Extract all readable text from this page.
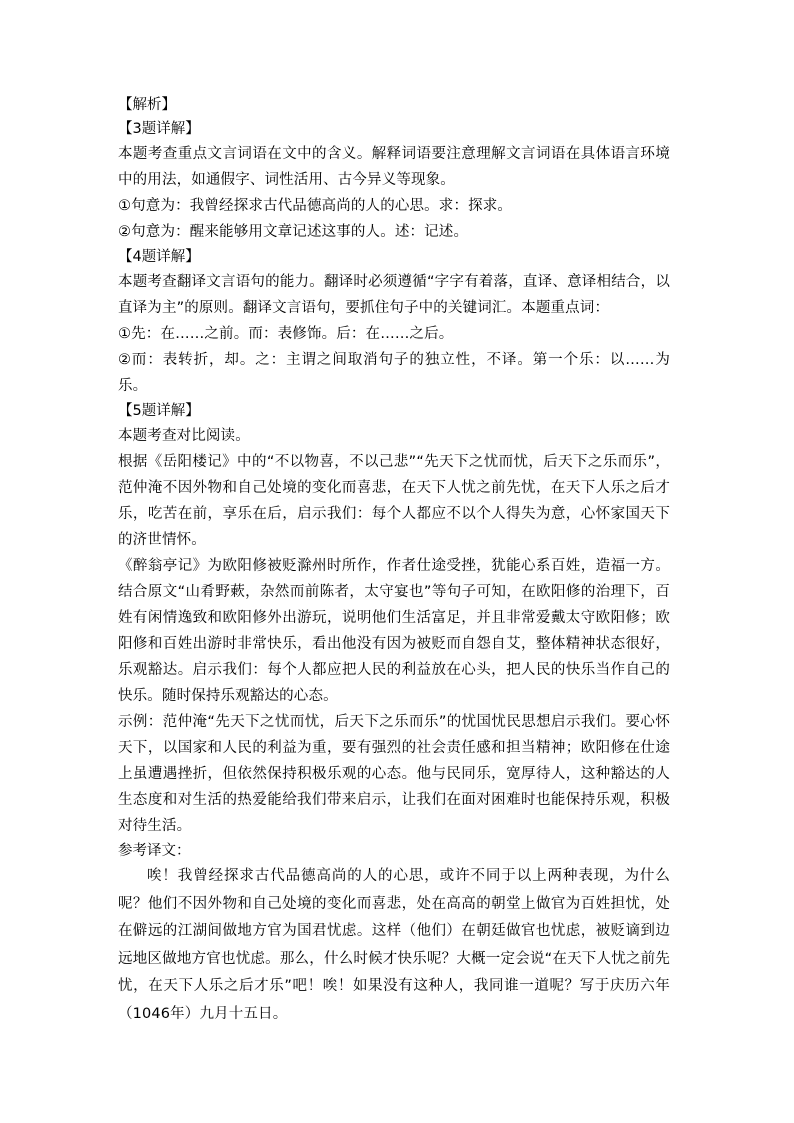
【解析】

【3题详解】

本题考查重点文言词语在文中的含义。解释词语要注意理解文言词语在具体语言环境中的用法，如通假字、词性活用、古今异义等现象。

①句意为：我曾经探求古代品德高尚的人的心思。求：探求。

②句意为：醒来能够用文章记述这事的人。述：记述。

【4题详解】

本题考查翻译文言语句的能力。翻译时必须遵循“字字有着落，直译、意译相结合，以直译为主”的原则。翻译文言语句，要抓住句子中的关键词汇。本题重点词：

①先：在……之前。而：表修饰。后：在……之后。

②而：表转折，却。之：主谓之间取消句子的独立性，不译。第一个乐：以……为乐。

【5题详解】

本题考查对比阅读。

根据《岳阳楼记》中的“不以物喜，不以己悲”“先天下之忧而忧，后天下之乐而乐”，范仲淹不因外物和自己处境的变化而喜悲，在天下人忧之前先忧，在天下人乐之后才乐，吃苦在前，享乐在后，启示我们：每个人都应不以个人得失为意，心怀家国天下的济世情怀。

《醉翁亭记》为欧阳修被贬滁州时所作，作者仕途受挫，犹能心系百姓，造福一方。结合原文“山肴野蔌，杂然而前陈者，太守宴也”等句子可知，在欧阳修的治理下，百姓有闲情逸致和欧阳修外出游玩，说明他们生活富足，并且非常爱戴太守欧阳修；欧阳修和百姓出游时非常快乐，看出他没有因为被贬而自怨自艾，整体精神状态很好，乐观豁达。启示我们：每个人都应把人民的利益放在心头，把人民的快乐当作自己的快乐。随时保持乐观豁达的心态。

示例：范仲淹“先天下之忧而忧，后天下之乐而乐”的忧国忧民思想启示我们。要心怀天下，以国家和人民的利益为重，要有强烈的社会责任感和担当精神；欧阳修在仕途上虽遭遇挫折，但依然保持积极乐观的心态。他与民同乐，宽厚待人，这种豁达的人生态度和对生活的热爱能给我们带来启示，让我们在面对困难时也能保持乐观，积极对待生活。

参考译文：

唉！我曾经探求古代品德高尚的人的心思，或许不同于以上两种表现，为什么呢？他们不因外物和自己处境的变化而喜悲，处在高高的朝堂上做官为百姓担忧，处在僻远的江湖间做地方官为国君忧虑。这样（他们）在朝廷做官也忧虑，被贬谪到边远地区做地方官也忧虑。那么，什么时候才快乐呢？大概一定会说“在天下人忧之前先忧，在天下人乐之后才乐”吧！唉！如果没有这种人，我同谁一道呢？写于庆历六年（1046年）九月十五日。
